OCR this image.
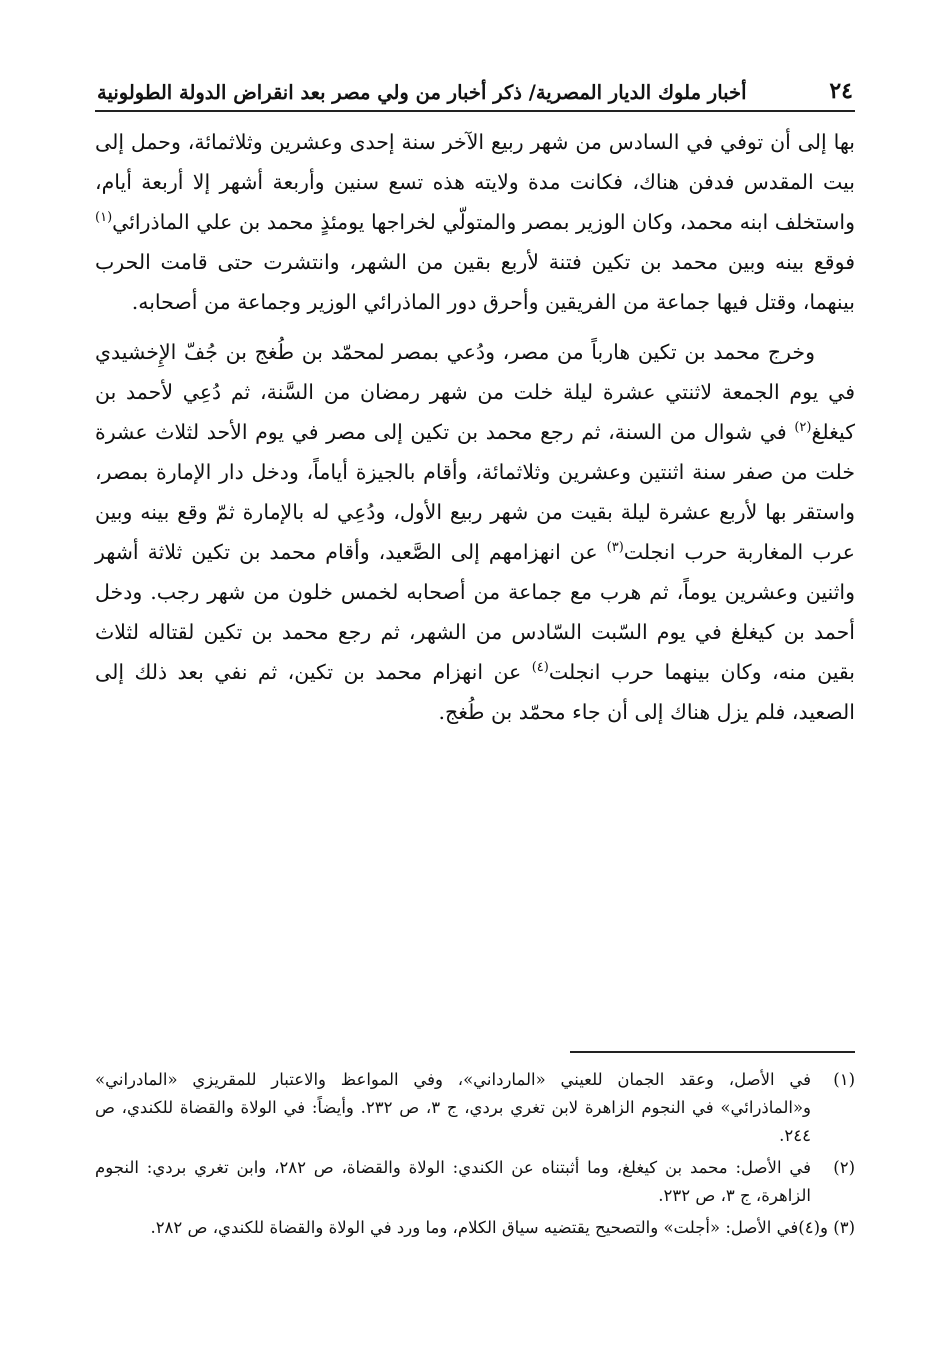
٢٤
أخبار ملوك الديار المصرية/ ذكر أخبار من ولي مصر بعد انقراض الدولة الطولونية

بها إلى أن توفي في السادس من شهر ربيع الآخر سنة إحدى وعشرين وثلاثمائة، وحمل إلى بيت المقدس فدفن هناك، فكانت مدة ولايته هذه تسع سنين وأربعة أشهر إلا أربعة أيام، واستخلف ابنه محمد، وكان الوزير بمصر والمتولّي لخراجها يومئذٍ محمد بن علي الماذرائي$^{(١)}$ فوقع بينه وبين محمد بن تكين فتنة لأربع بقين من الشهر، وانتشرت حتى قامت الحرب بينهما، وقتل فيها جماعة من الفريقين وأحرق دور الماذرائي الوزير وجماعة من أصحابه.

وخرج محمد بن تكين هارباً من مصر، ودُعي بمصر لمحمّد بن طُغج بن جُفّ الإِخشيدي في يوم الجمعة لاثنتي عشرة ليلة خلت من شهر رمضان من السَّنة، ثم دُعِي لأحمد بن كيغلغ$^{(٢)}$ في شوال من السنة، ثم رجع محمد بن تكين إلى مصر في يوم الأحد لثلاث عشرة خلت من صفر سنة اثنتين وعشرين وثلاثمائة، وأقام بالجيزة أياماً، ودخل دار الإمارة بمصر، واستقر بها لأربع عشرة ليلة بقيت من شهر ربيع الأول، ودُعِي له بالإمارة ثمّ وقع بينه وبين عرب المغاربة حرب انجلت$^{(٣)}$ عن انهزامهم إلى الصَّعيد، وأقام محمد بن تكين ثلاثة أشهر واثنين وعشرين يوماً، ثم هرب مع جماعة من أصحابه لخمس خلون من شهر رجب. ودخل أحمد بن كيغلغ في يوم السّبت السّادس من الشهر، ثم رجع محمد بن تكين لقتاله لثلاث بقين منه، وكان بينهما حرب انجلت$^{(٤)}$ عن انهزام محمد بن تكين، ثم نفي بعد ذلك إلى الصعيد، فلم يزل هناك إلى أن جاء محمّد بن طُغج.

(١)
في الأصل، وعقد الجمان للعيني «المارداني»، وفي المواعظ والاعتبار للمقريزي «المادراني» و«الماذرائي» في النجوم الزاهرة لابن تغري بردي، ج ٣، ص ٢٣٢. وأيضاً: في الولاة والقضاة للكندي، ص ٢٤٤.
(٢)
في الأصل: محمد بن كيغلغ، وما أثبتناه عن الكندي: الولاة والقضاة، ص ٢٨٢، وابن تغري بردي: النجوم الزاهرة، ج ٣، ص ٢٣٢.
(٣) و(٤)
في الأصل: «أجلت» والتصحيح يقتضيه سياق الكلام، وما ورد في الولاة والقضاة للكندي، ص ٢٨٢.
